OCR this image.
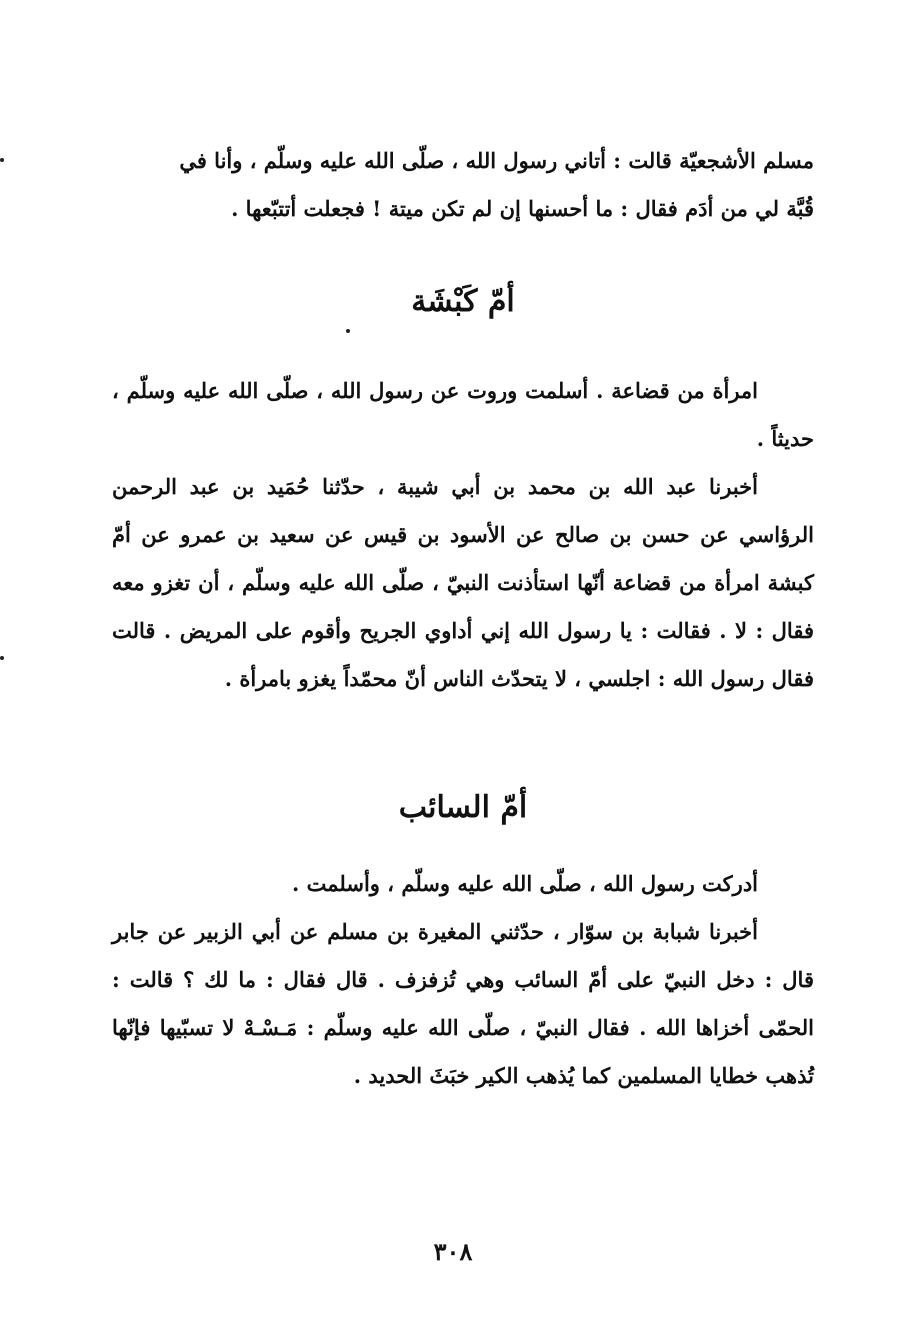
مسلم الأشجعيّة قالت : أتاني رسول الله ، صلّى الله عليه وسلّم ، وأنا في

قُبَّة لي من أدَم فقال : ما أحسنها إن لم تكن ميتة ! فجعلت أتتبّعها .

أمّ كَبْشَة

امرأة من قضاعة . أسلمت وروت عن رسول الله ، صلّى الله عليه وسلّم ، حديثاً .

أخبرنا عبد الله بن محمد بن أبي شيبة ، حدّثنا حُمَيد بن عبد الرحمن الرؤاسي عن حسن بن صالح عن الأسود بن قيس عن سعيد بن عمرو عن أمّ كبشة امرأة من قضاعة أنّها استأذنت النبيّ ، صلّى الله عليه وسلّم ، أن تغزو معه فقال : لا . فقالت : يا رسول الله إني أداوي الجريح وأقوم على المريض . قالت فقال رسول الله : اجلسي ، لا يتحدّث الناس أنّ محمّداً يغزو بامرأة .

أمّ السائب

أدركت رسول الله ، صلّى الله عليه وسلّم ، وأسلمت .

أخبرنا شبابة بن سوّار ، حدّثني المغيرة بن مسلم عن أبي الزبير عن جابر قال : دخل النبيّ على أمّ السائب وهي تُزفزف . قال فقال : ما لك ؟ قالت : الحمّى أخزاها الله . فقال النبيّ ، صلّى الله عليه وسلّم : مَـسْـهْ لا تسبّيها فإنّها تُذهب خطايا المسلمين كما يُذهب الكير خبَثَ الحديد .

٣٠٨
